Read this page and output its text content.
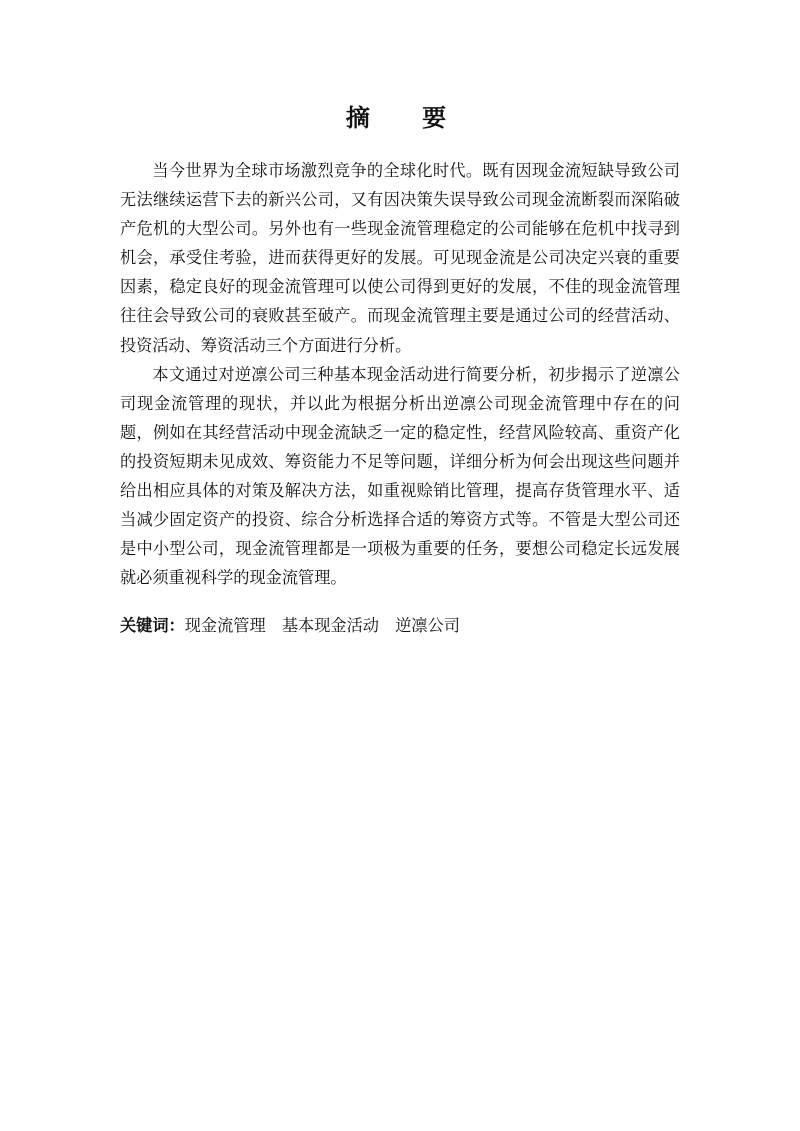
摘 要

当今世界为全球市场激烈竞争的全球化时代。既有因现金流短缺导致公司无法继续运营下去的新兴公司，又有因决策失误导致公司现金流断裂而深陷破产危机的大型公司。另外也有一些现金流管理稳定的公司能够在危机中找寻到机会，承受住考验，进而获得更好的发展。可见现金流是公司决定兴衰的重要因素，稳定良好的现金流管理可以使公司得到更好的发展，不佳的现金流管理往往会导致公司的衰败甚至破产。而现金流管理主要是通过公司的经营活动、投资活动、筹资活动三个方面进行分析。

本文通过对逆凛公司三种基本现金活动进行简要分析，初步揭示了逆凛公司现金流管理的现状，并以此为根据分析出逆凛公司现金流管理中存在的问题，例如在其经营活动中现金流缺乏一定的稳定性，经营风险较高、重资产化的投资短期未见成效、筹资能力不足等问题，详细分析为何会出现这些问题并给出相应具体的对策及解决方法，如重视赊销比管理，提高存货管理水平、适当减少固定资产的投资、综合分析选择合适的筹资方式等。不管是大型公司还是中小型公司，现金流管理都是一项极为重要的任务，要想公司稳定长远发展就必须重视科学的现金流管理。

关键词：现金流管理 基本现金活动 逆凛公司
